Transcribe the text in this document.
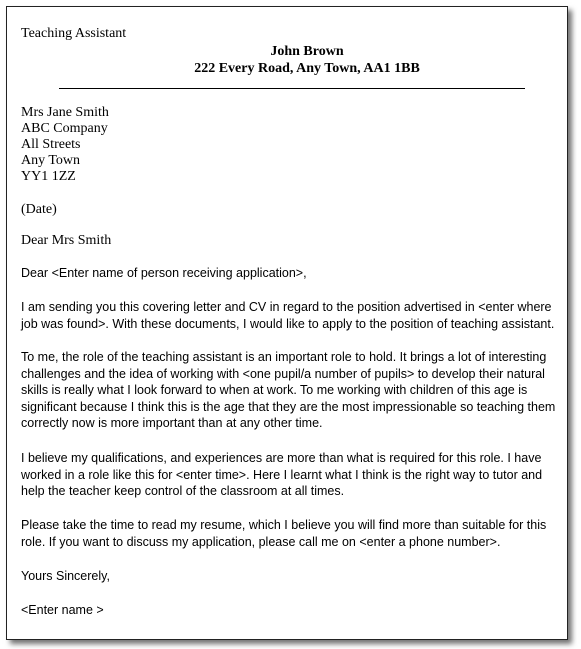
Teaching Assistant
John Brown
222 Every Road, Any Town, AA1 1BB
Mrs Jane Smith
ABC Company
All Streets
Any Town
YY1 1ZZ
(Date)
Dear Mrs Smith
Dear <Enter name of person receiving application>,
I am sending you this covering letter and CV in regard to the position advertised in <enter where
job was found>. With these documents, I would like to apply to the position of teaching assistant.
To me, the role of the teaching assistant is an important role to hold. It brings a lot of interesting
challenges and the idea of working with <one pupil/a number of pupils> to develop their natural
skills is really what I look forward to when at work. To me working with children of this age is
significant because I think this is the age that they are the most impressionable so teaching them
correctly now is more important than at any other time.
I believe my qualifications, and experiences are more than what is required for this role. I have
worked in a role like this for <enter time>. Here I learnt what I think is the right way to tutor and
help the teacher keep control of the classroom at all times.
Please take the time to read my resume, which I believe you will find more than suitable for this
role. If you want to discuss my application, please call me on <enter a phone number>.
Yours Sincerely,
<Enter name >
